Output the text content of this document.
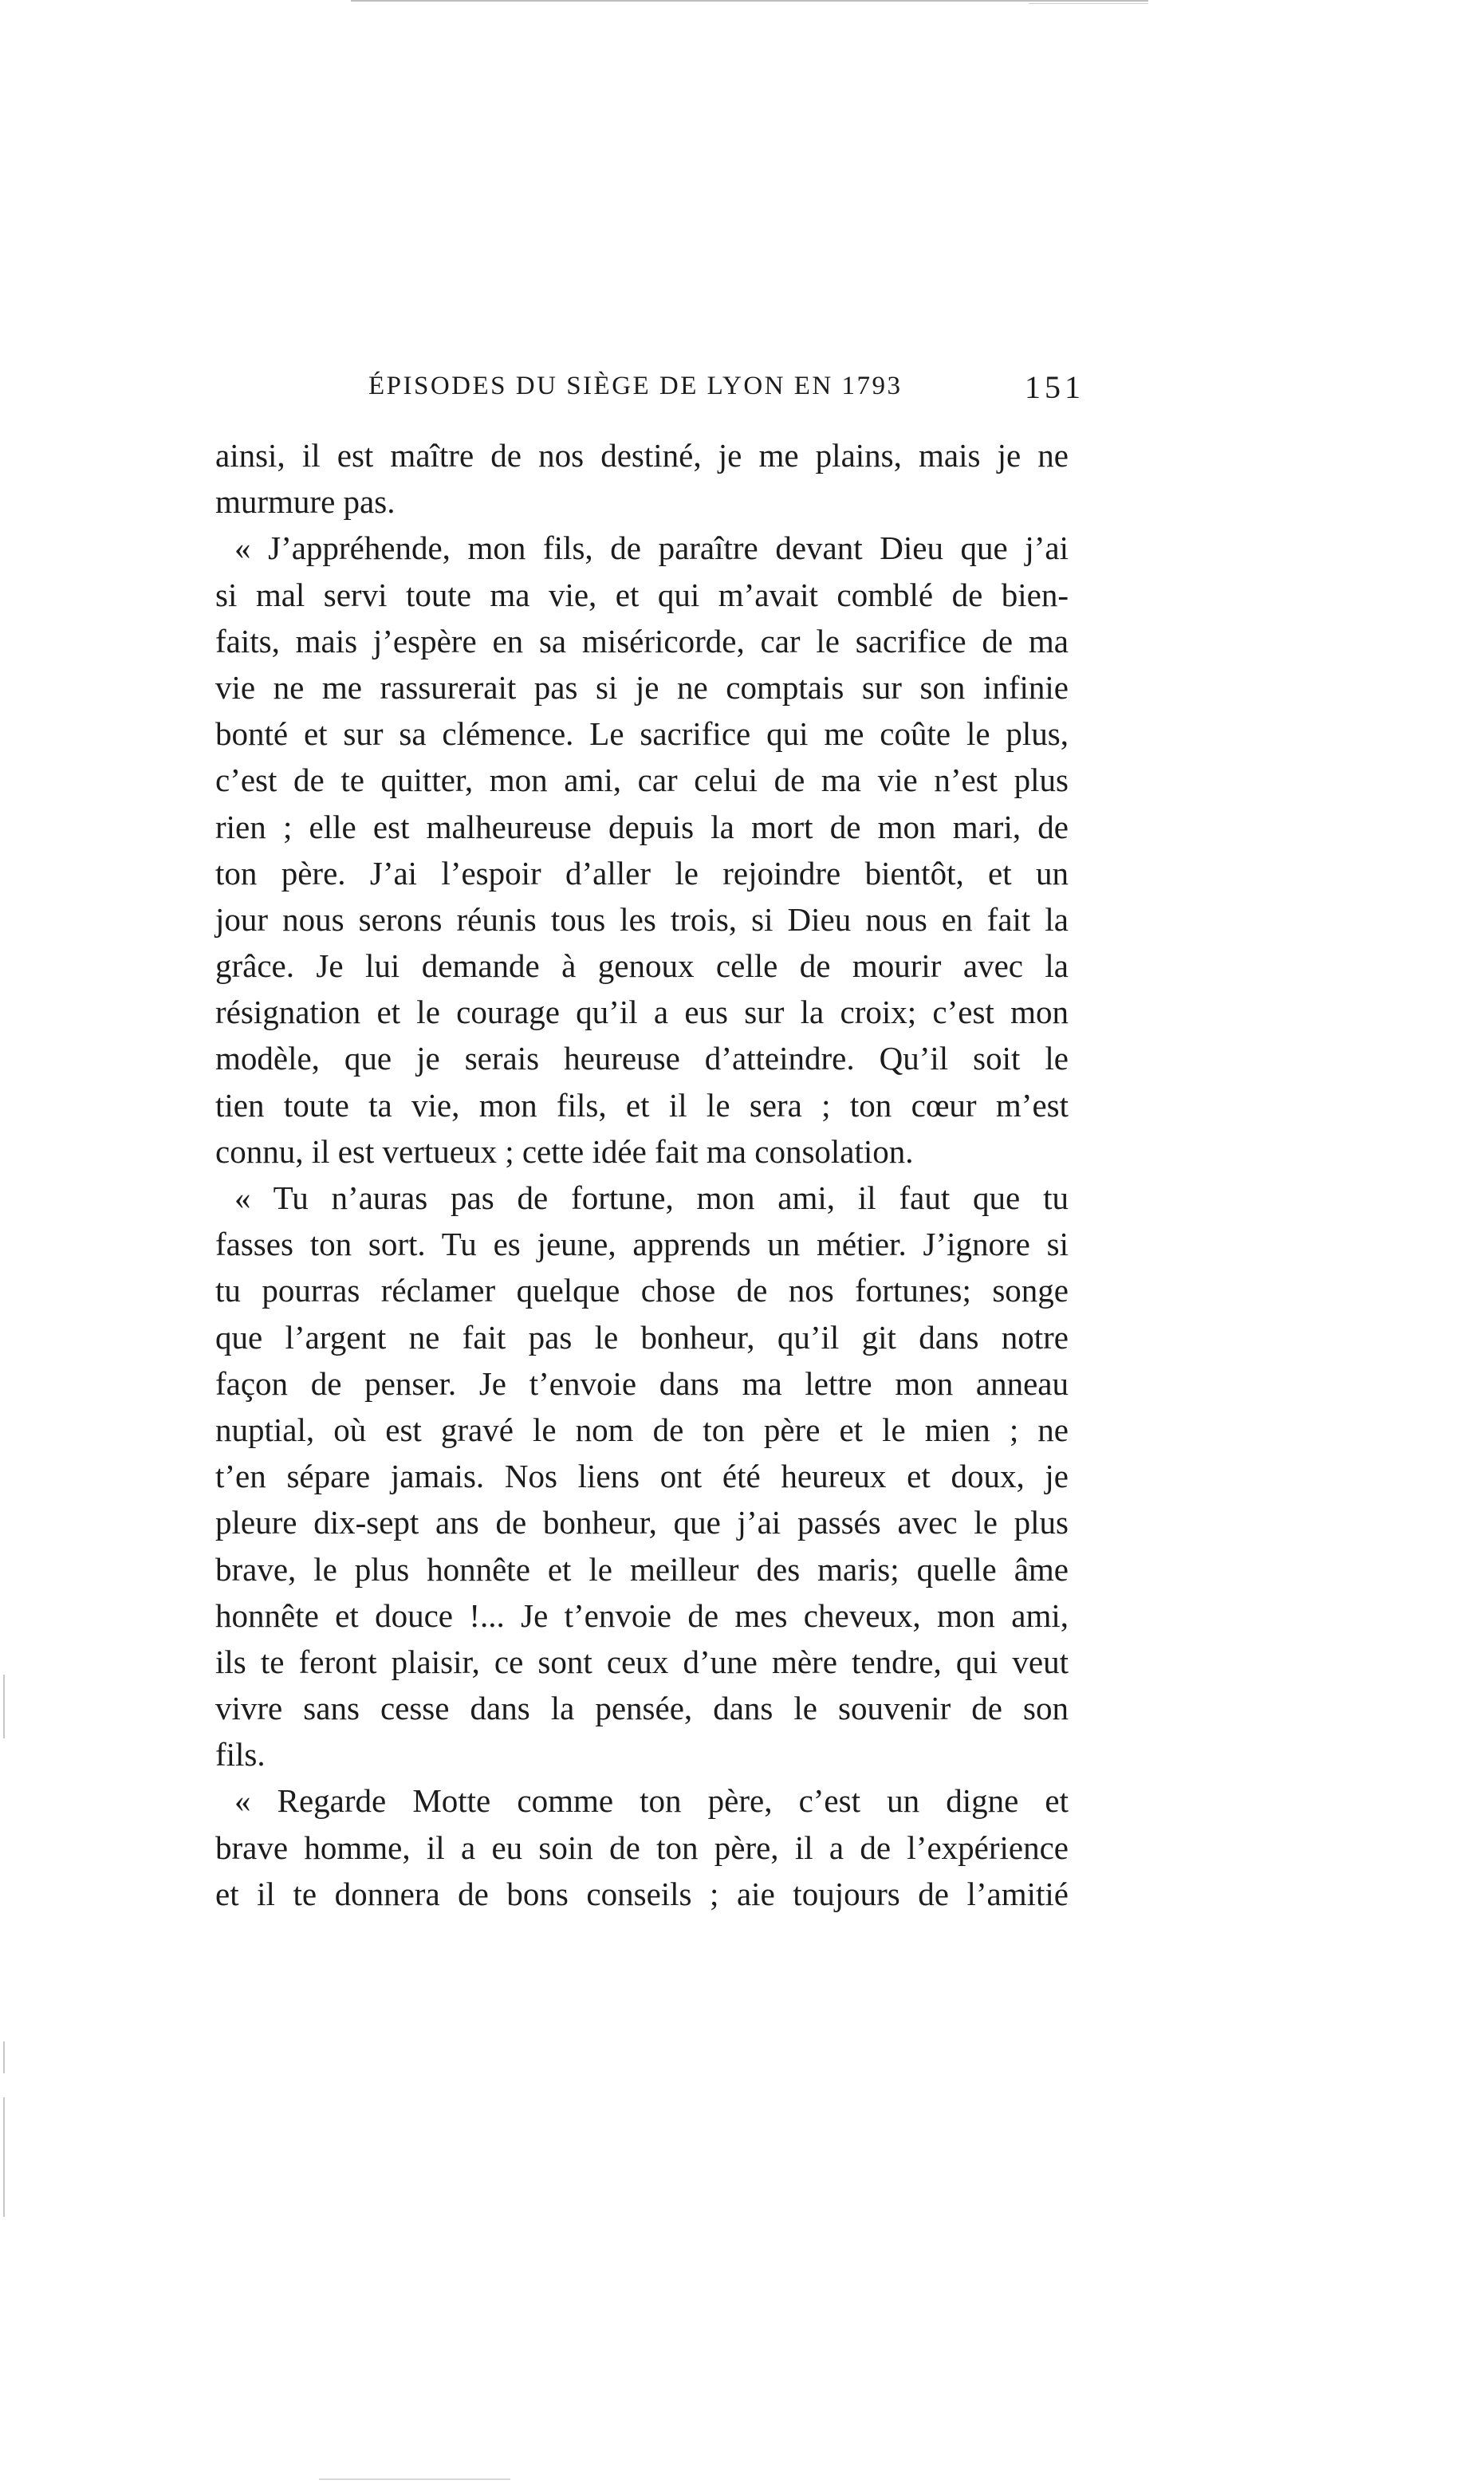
ÉPISODES DU SIÈGE DE LYON EN 1793	151
ainsi, il est maître de nos destiné, je me plains, mais je ne
murmure pas.
« J’appréhende, mon fils, de paraître devant Dieu que j’ai
si mal servi toute ma vie, et qui m’avait comblé de bien-
faits, mais j’espère en sa miséricorde, car le sacrifice de ma
vie ne me rassurerait pas si je ne comptais sur son infinie
bonté et sur sa clémence. Le sacrifice qui me coûte le plus,
c’est de te quitter, mon ami, car celui de ma vie n’est plus
rien ; elle est malheureuse depuis la mort de mon mari, de
ton père. J’ai l’espoir d’aller le rejoindre bientôt, et un
jour nous serons réunis tous les trois, si Dieu nous en fait la
grâce. Je lui demande à genoux celle de mourir avec la
résignation et le courage qu’il a eus sur la croix; c’est mon
modèle, que je serais heureuse d’atteindre. Qu’il soit le
tien toute ta vie, mon fils, et il le sera ; ton cœur m’est
connu, il est vertueux ; cette idée fait ma consolation.
« Tu n’auras pas de fortune, mon ami, il faut que tu
fasses ton sort. Tu es jeune, apprends un métier. J’ignore si
tu pourras réclamer quelque chose de nos fortunes; songe
que l’argent ne fait pas le bonheur, qu’il git dans notre
façon de penser. Je t’envoie dans ma lettre mon anneau
nuptial, où est gravé le nom de ton père et le mien ; ne
t’en sépare jamais. Nos liens ont été heureux et doux, je
pleure dix-sept ans de bonheur, que j’ai passés avec le plus
brave, le plus honnête et le meilleur des maris; quelle âme
honnête et douce !... Je t’envoie de mes cheveux, mon ami,
ils te feront plaisir, ce sont ceux d’une mère tendre, qui veut
vivre sans cesse dans la pensée, dans le souvenir de son
fils.
« Regarde Motte comme ton père, c’est un digne et
brave homme, il a eu soin de ton père, il a de l’expérience
et il te donnera de bons conseils ; aie toujours de l’amitié
